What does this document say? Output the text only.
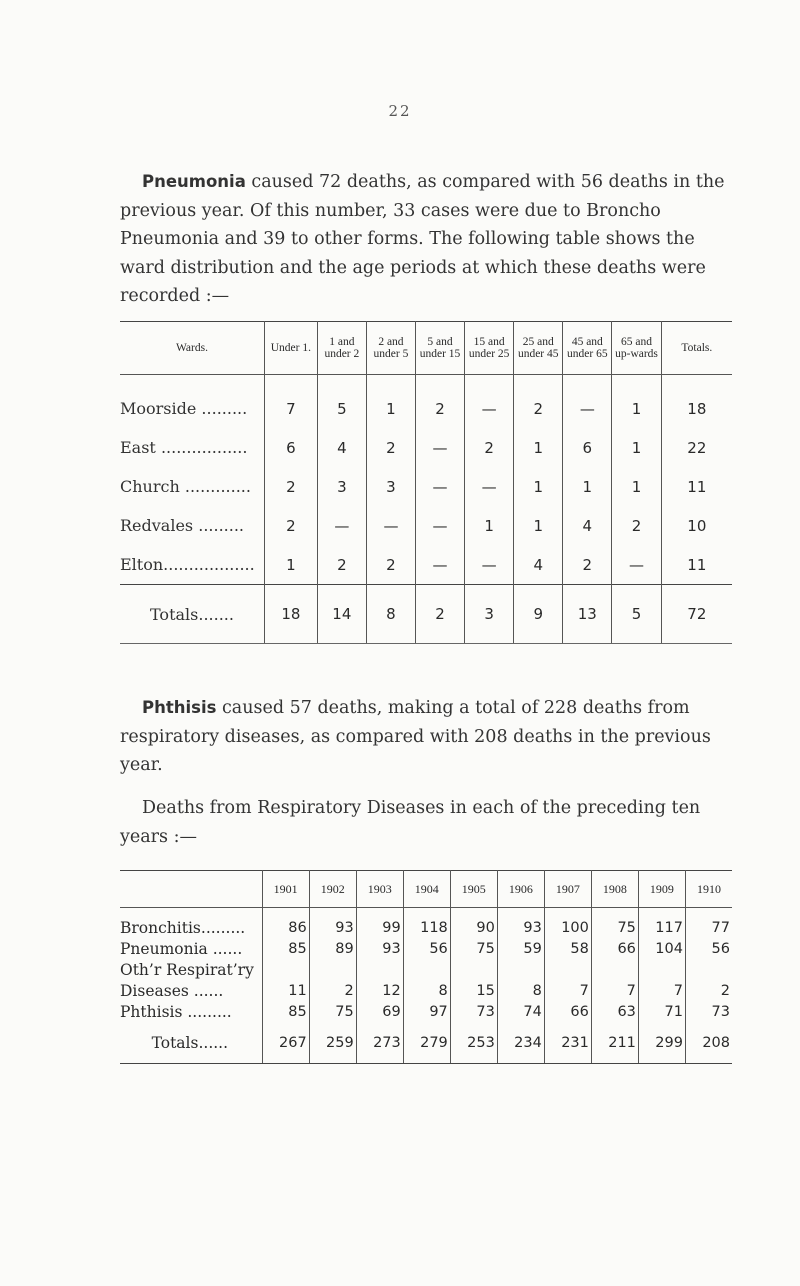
22

Pneumonia caused 72 deaths, as compared with 56 deaths in the previous year. Of this number, 33 cases were due to Broncho Pneumonia and 39 to other forms. The following table shows the ward distribution and the age periods at which these deaths were recorded :—

Wards.	Under 1.	1 and under 2	2 and under 5	5 and under 15	15 and under 25	25 and under 45	45 and under 65	65 and up-wards	Totals.
Moorside .........	7	5	1	2	—	2	—	1	18
East .................	6	4	2	—	2	1	6	1	22
Church .............	2	3	3	—	—	1	1	1	11
Redvales .........	2	—	—	—	1	1	4	2	10
Elton..................	1	2	2	—	—	4	2	—	11
Totals.......	18	14	8	2	3	9	13	5	72

Phthisis caused 57 deaths, making a total of 228 deaths from respiratory diseases, as compared with 208 deaths in the previous year.

Deaths from Respiratory Diseases in each of the preceding ten years :—

	1901	1902	1903	1904	1905	1906	1907	1908	1909	1910

Bronchitis.........	86	93	99	118	90	93	100	75	117	77
Pneumonia ......	85	89	93	56	75	59	58	66	104	56
Oth’r Respirat’ry										
Diseases ......	11	2	12	8	15	8	7	7	7	2
Phthisis .........	85	75	69	97	73	74	66	63	71	73
Totals......	267	259	273	279	253	234	231	211	299	208
